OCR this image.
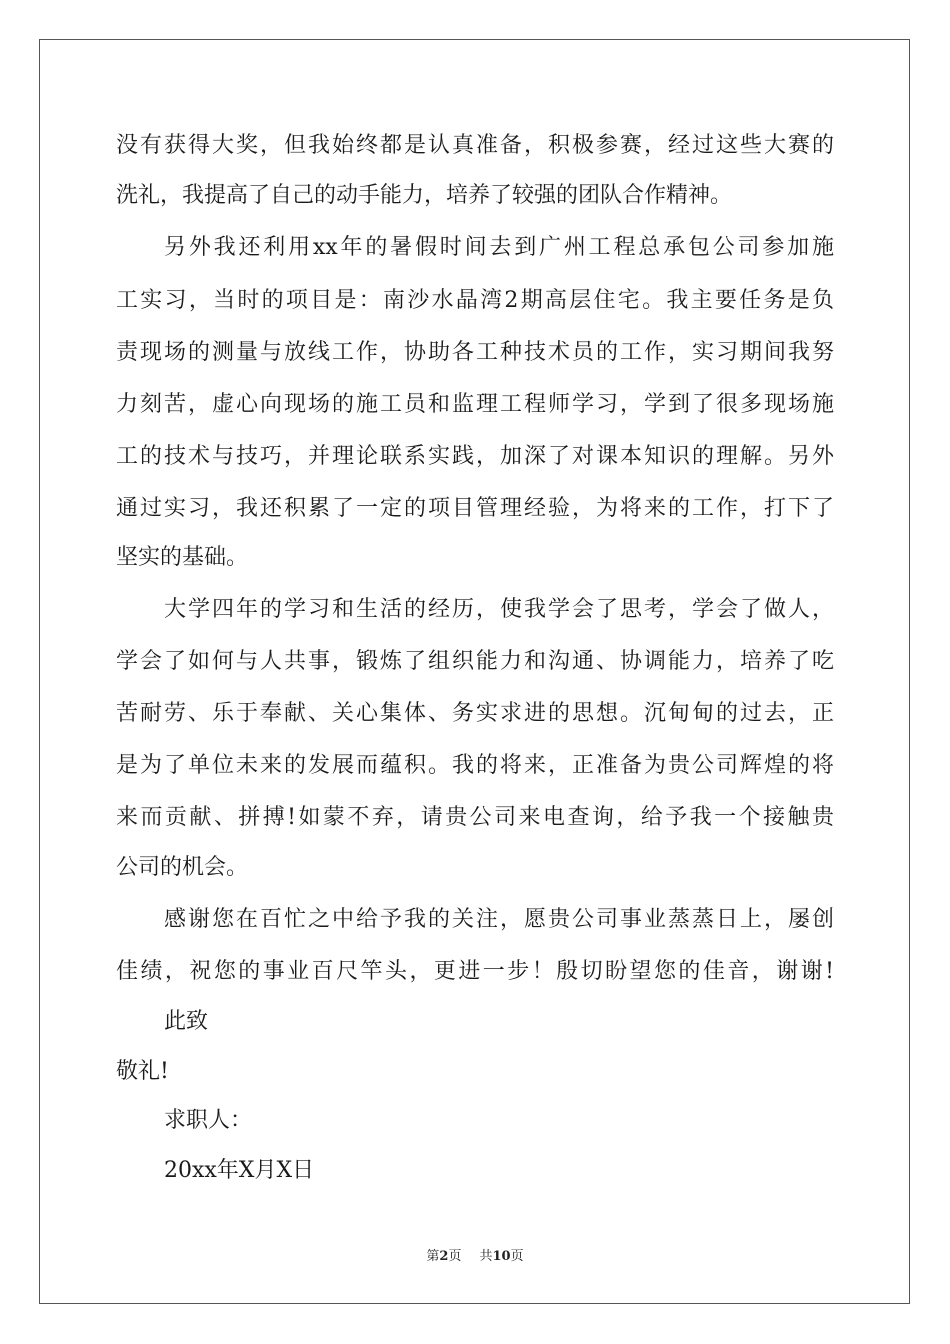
没有获得大奖，但我始终都是认真准备，积极参赛，经过这些大赛的
洗礼，我提高了自己的动手能力，培养了较强的团队合作精神。
另外我还利用xx年的暑假时间去到广州工程总承包公司参加施
工实习，当时的项目是：南沙水晶湾2期高层住宅。我主要任务是负
责现场的测量与放线工作，协助各工种技术员的工作，实习期间我努
力刻苦，虚心向现场的施工员和监理工程师学习，学到了很多现场施
工的技术与技巧，并理论联系实践，加深了对课本知识的理解。另外
通过实习，我还积累了一定的项目管理经验，为将来的工作，打下了
坚实的基础。
大学四年的学习和生活的经历，使我学会了思考，学会了做人，
学会了如何与人共事，锻炼了组织能力和沟通、协调能力，培养了吃
苦耐劳、乐于奉献、关心集体、务实求进的思想。沉甸甸的过去，正
是为了单位未来的发展而蕴积。我的将来，正准备为贵公司辉煌的将
来而贡献、拼搏!如蒙不弃，请贵公司来电查询，给予我一个接触贵
公司的机会。
感谢您在百忙之中给予我的关注，愿贵公司事业蒸蒸日上，屡创
佳绩，祝您的事业百尺竿头，更进一步！殷切盼望您的佳音，谢谢!
此致
敬礼!
求职人：
20xx年X月X日
第2页 共10页
